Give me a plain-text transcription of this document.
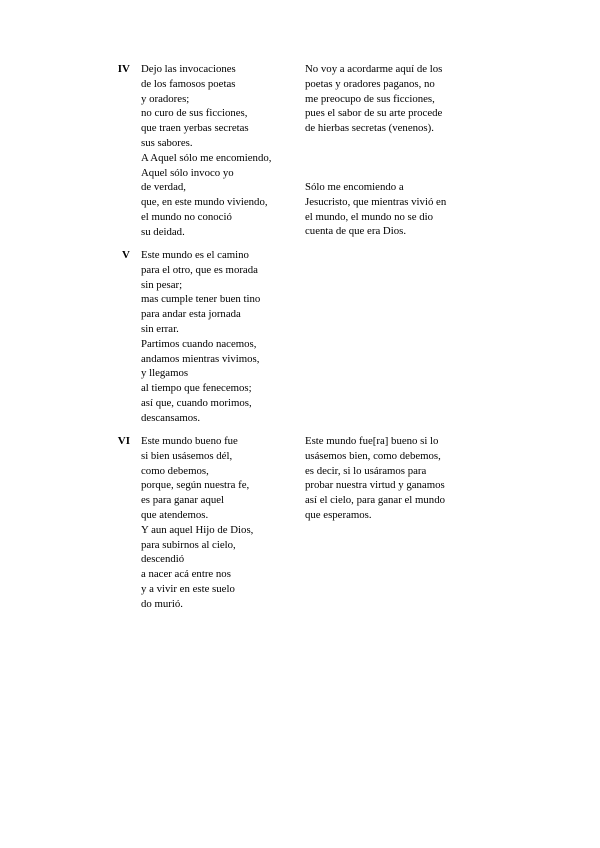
IV Dejo las invocaciones
de los famosos poetas
y oradores;
no curo de sus ficciones,
que traen yerbas secretas
sus sabores.
A Aquel sólo me encomiendo,
Aquel sólo invoco yo
de verdad,
que, en este mundo viviendo,
el mundo no conoció
su deidad.
No voy a acordarme aquí de los
poetas y oradores paganos, no
me preocupo de sus ficciones,
pues el sabor de su arte procede
de hierbas secretas (venenos).
Sólo me encomiendo a
Jesucristo, que mientras vivió en
el mundo, el mundo no se dio
cuenta de que era Dios.
V Este mundo es el camino
para el otro, que es morada
sin pesar;
mas cumple tener buen tino
para andar esta jornada
sin errar.
Partimos cuando nacemos,
andamos mientras vivimos,
y llegamos
al tiempo que fenecemos;
así que, cuando morimos,
descansamos.
VI Este mundo bueno fue
si bien usásemos dél,
como debemos,
porque, según nuestra fe,
es para ganar aquel
que atendemos.
Y aun aquel Hijo de Dios,
para subirnos al cielo,
descendió
a nacer acá entre nos
y a vivir en este suelo
do murió.
Este mundo fue[ra] bueno si lo
usásemos bien, como debemos,
es decir, si lo usáramos para
probar nuestra virtud y ganamos
así el cielo, para ganar el mundo
que esperamos.
